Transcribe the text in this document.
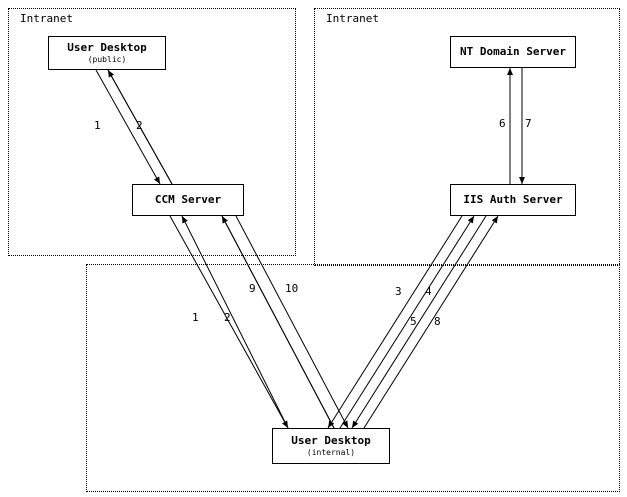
Intranet	Intranet
User Desktop
(public)
CCM Server
NT Domain Server
IIS Auth Server
User Desktop
(internal)
1	2	6 7
9	10
1 2
3 4
5 8
